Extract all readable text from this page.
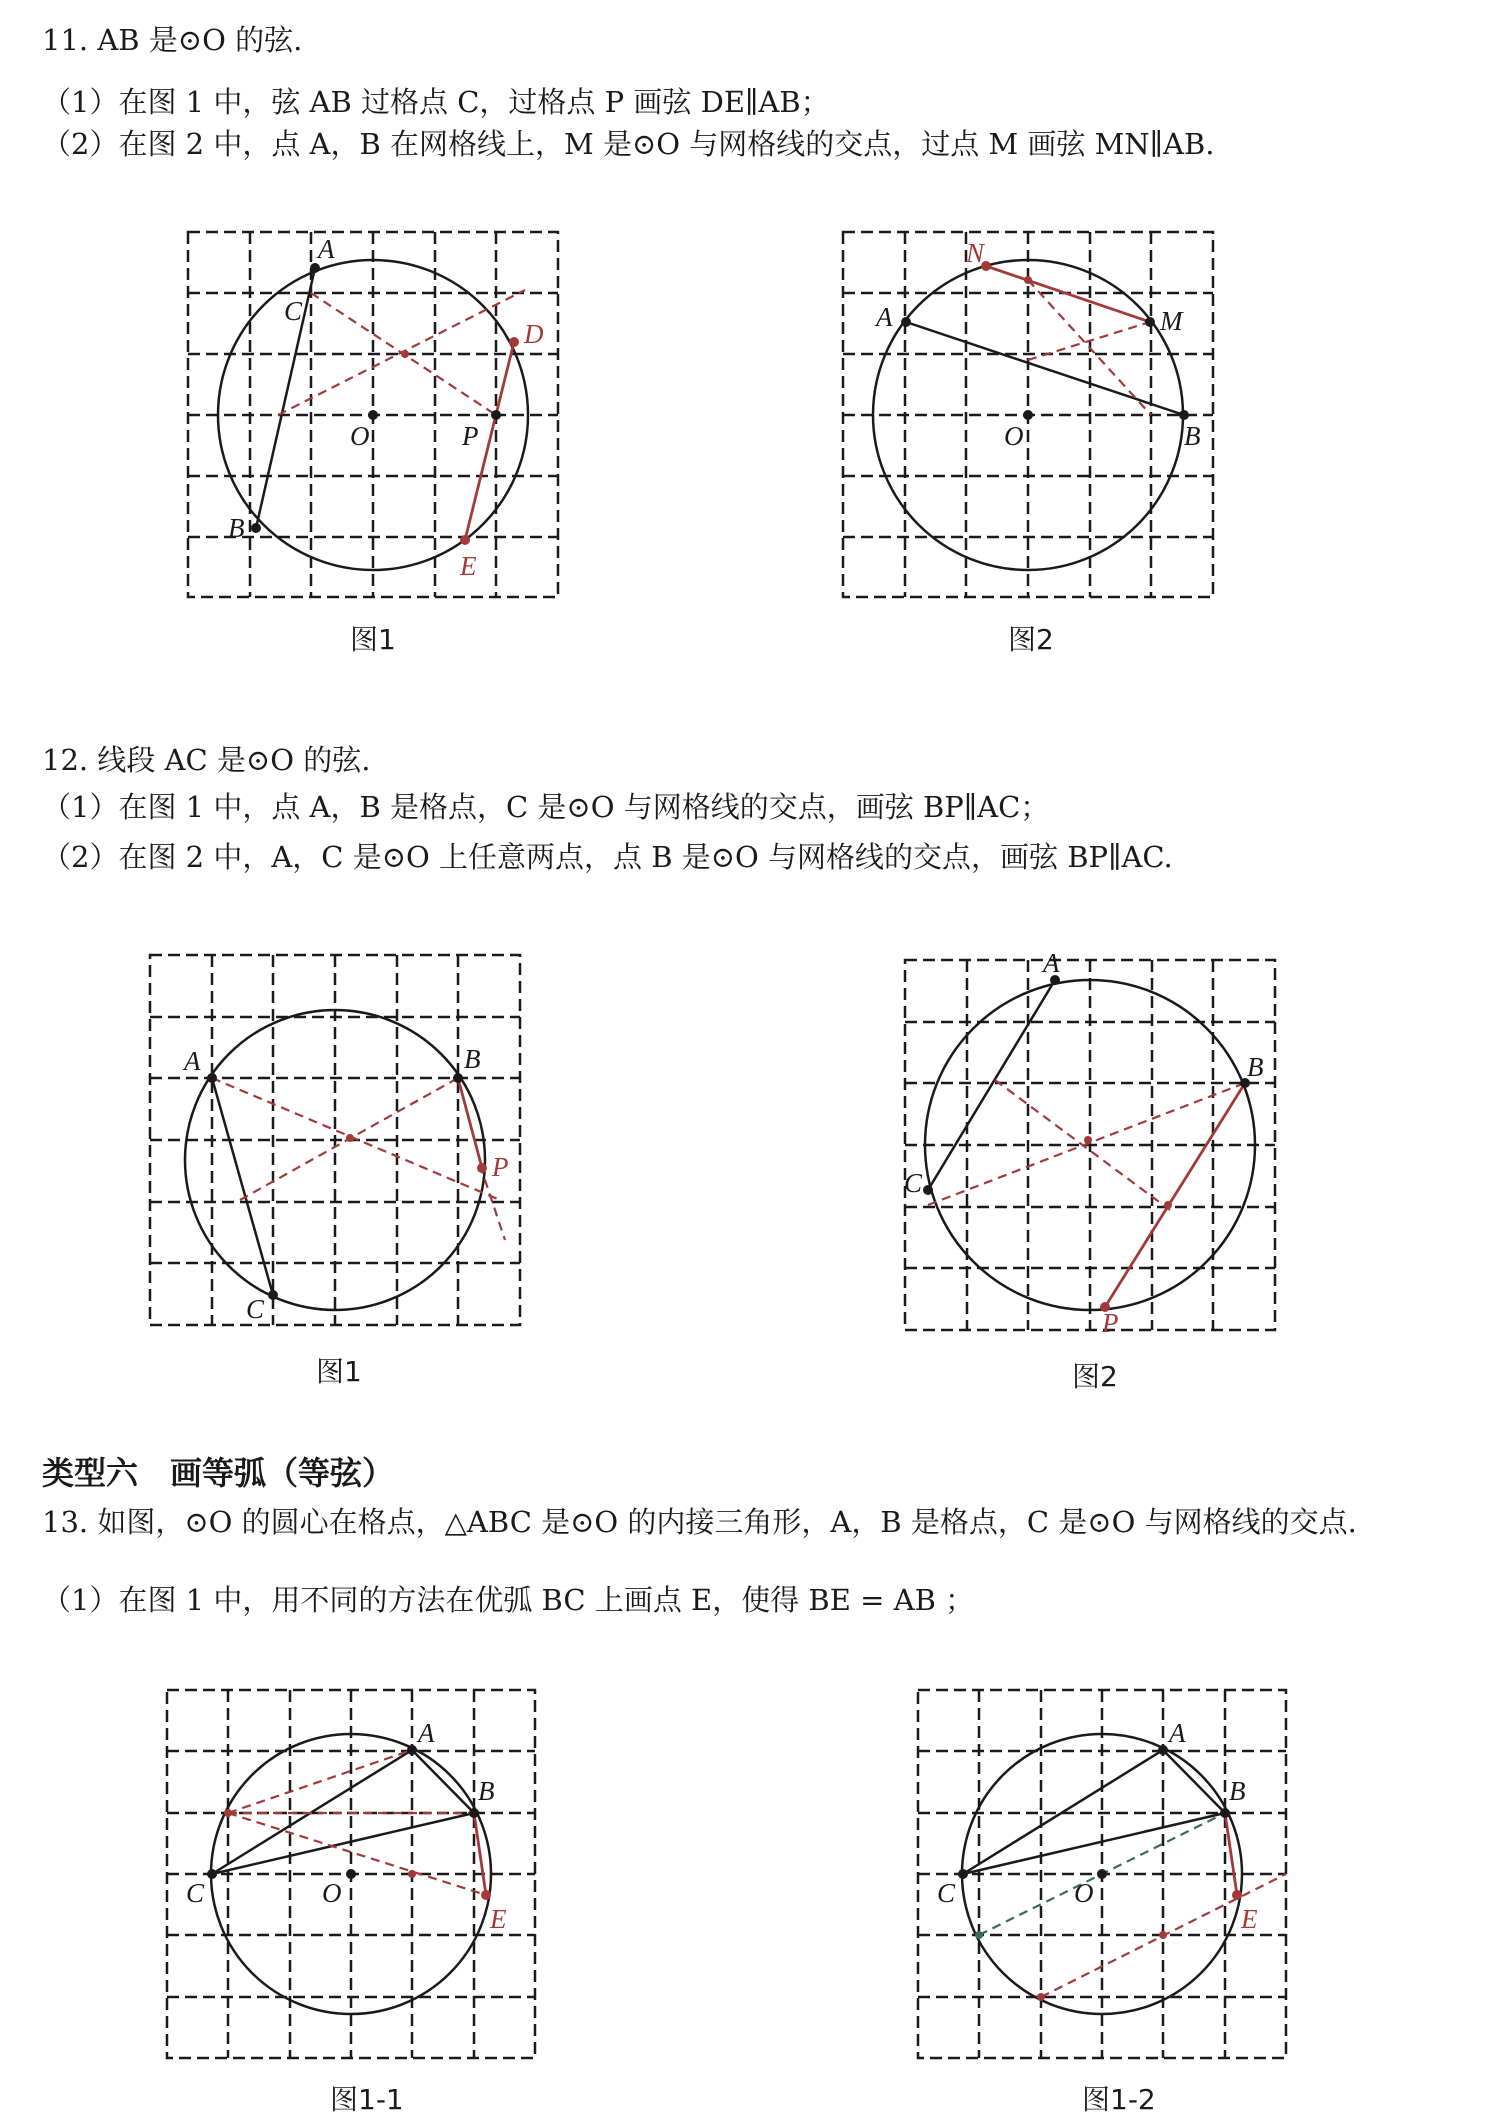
11. AB 是⊙O 的弦.
（1）在图 1 中，弦 AB 过格点 C，过格点 P 画弦 DE∥AB；
（2）在图 2 中，点 A，B 在网格线上，M 是⊙O 与网格线的交点，过点 M 画弦 MN∥AB.
A
C
D
O	P
B
E
N
A	M
O	B
A	B
P
C
A
B
C
P
A
B
C	O
E
A
B
C	O
E
图1	图2
12. 线段 AC 是⊙O 的弦.
（1）在图 1 中，点 A，B 是格点，C 是⊙O 与网格线的交点，画弦 BP∥AC；
（2）在图 2 中，A，C 是⊙O 上任意两点，点 B 是⊙O 与网格线的交点，画弦 BP∥AC.
图1	图2
类型六　画等弧（等弦）
13. 如图，⊙O 的圆心在格点，△ABC 是⊙O 的内接三角形，A，B 是格点，C 是⊙O 与网格线的交点.
（1）在图 1 中，用不同的方法在优弧 BC 上画点 E，使得 BE = AB ；
图1-1	图1-2
